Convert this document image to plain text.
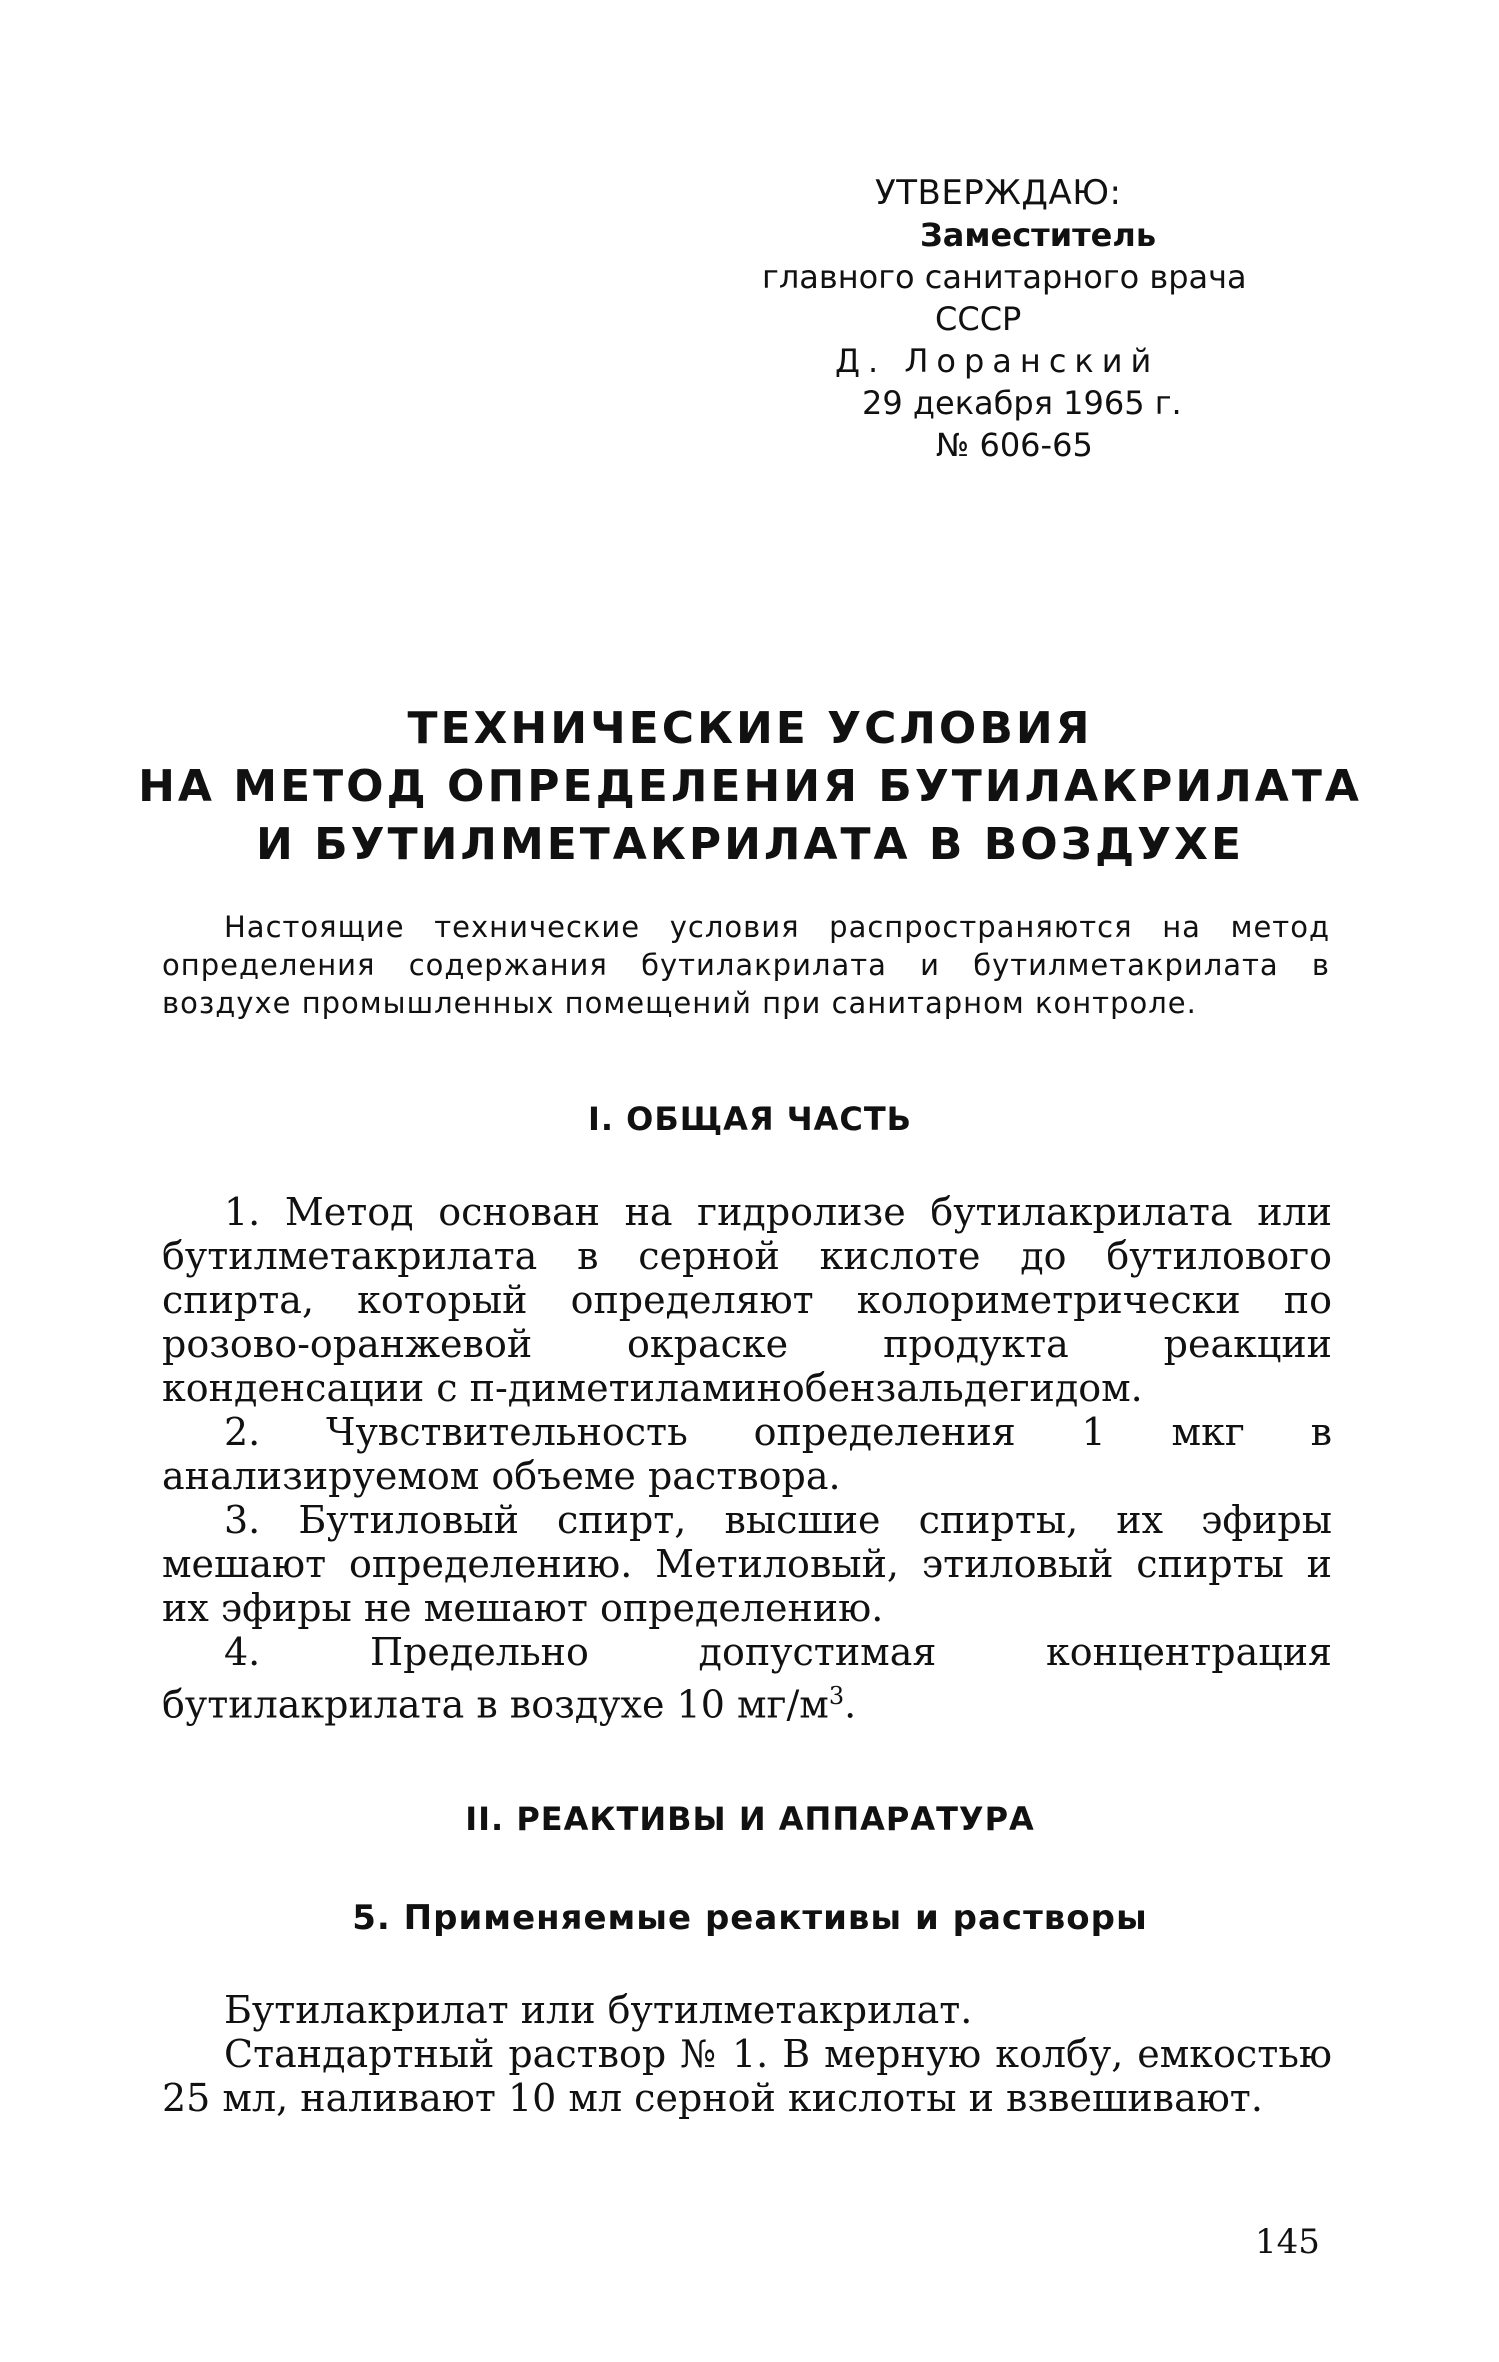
УТВЕРЖДАЮ:
Заместитель
главного санитарного врача
СССР
Д. Лоранский
29 декабря 1965 г.
№ 606-65
ТЕХНИЧЕСКИЕ УСЛОВИЯ
НА МЕТОД ОПРЕДЕЛЕНИЯ БУТИЛАКРИЛАТА
И БУТИЛМЕТАКРИЛАТА В ВОЗДУХЕ
Настоящие технические условия распространяются на метод определения содержания бутилакрилата и бутилметакрилата в воздухе промышленных помещений при санитарном контроле.
I. ОБЩАЯ ЧАСТЬ

1. Метод основан на гидролизе бутилакрилата или бутилметакрилата в серной кислоте до бутилового спирта, который определяют колориметрически по розово-оранжевой окраске продукта реакции конденсации с п-диметиламинобензальдегидом.

2. Чувствительность определения 1 мкг в анализируемом объеме раствора.

3. Бутиловый спирт, высшие спирты, их эфиры мешают определению. Метиловый, этиловый спирты и их эфиры не мешают определению.

4. Предельно допустимая концентрация бутилакрилата в воздухе 10 $мг/м^3$.

II. РЕАКТИВЫ И АППАРАТУРА
5. Применяемые реактивы и растворы

Бутилакрилат или бутилметакрилат.

Стандартный раствор № 1. В мерную колбу, емкостью 25 мл, наливают 10 мл серной кислоты и взвешивают.

145
